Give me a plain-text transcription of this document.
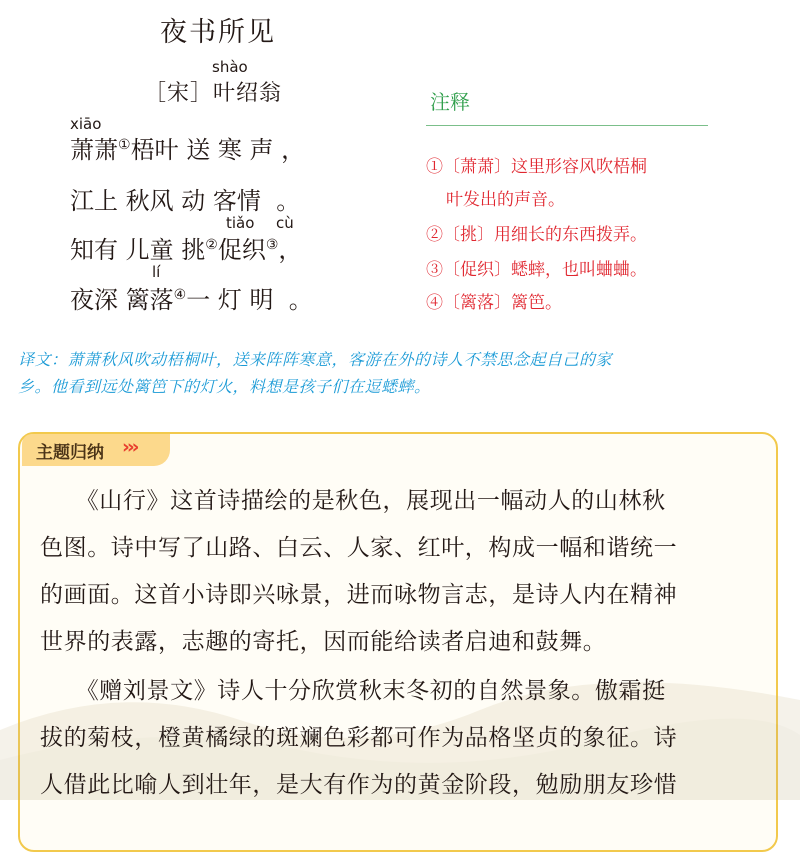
夜书所见
shào
［宋］叶绍翁
xiāo
萧萧①梧叶 送 寒 声 ，
江上 秋风 动 客情 。
tiǎo cù
知有 儿童 挑②促织③，
lí
夜深 篱落④一 灯 明 。
注释
①〔萧萧〕这里形容风吹梧桐
叶发出的声音。
②〔挑〕用细长的东西拨弄。
③〔促织〕蟋蟀，也叫蛐蛐。
④〔篱落〕篱笆。
译文：萧萧秋风吹动梧桐叶，送来阵阵寒意，客游在外的诗人不禁思念起自己的家
乡。他看到远处篱笆下的灯火，料想是孩子们在逗蟋蟀。
主题归纳 ›››
　　《山行》这首诗描绘的是秋色，展现出一幅动人的山林秋
色图。诗中写了山路、白云、人家、红叶，构成一幅和谐统一
的画面。这首小诗即兴咏景，进而咏物言志，是诗人内在精神
世界的表露，志趣的寄托，因而能给读者启迪和鼓舞。
　　《赠刘景文》诗人十分欣赏秋末冬初的自然景象。傲霜挺
拔的菊枝，橙黄橘绿的斑斓色彩都可作为品格坚贞的象征。诗
人借此比喻人到壮年，是大有作为的黄金阶段，勉励朋友珍惜
